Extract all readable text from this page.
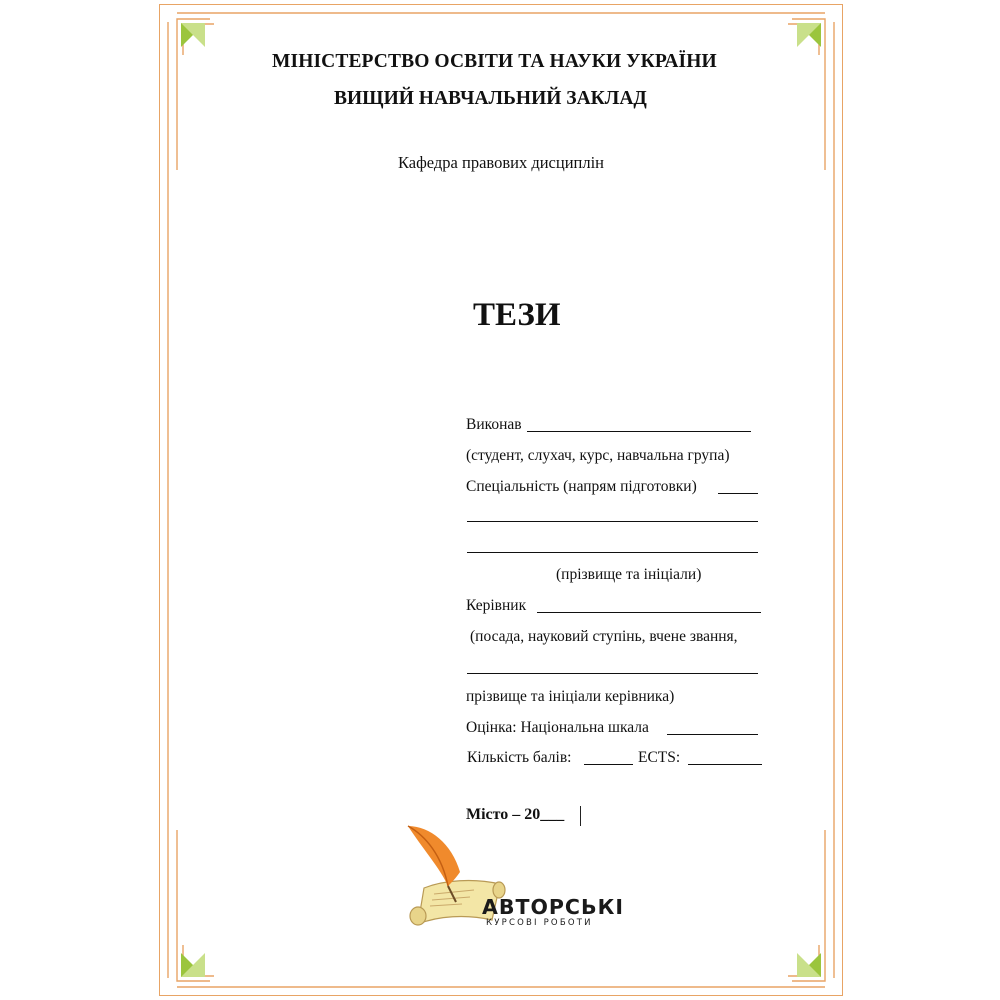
МІНІСТЕРСТВО ОСВІТИ ТА НАУКИ УКРАЇНИ
ВИЩИЙ НАВЧАЛЬНИЙ ЗАКЛАД
Кафедра правових дисциплін
ТЕЗИ
Виконав
(студент, слухач, курс, навчальна група)
Спеціальність (напрям підготовки)
(прізвище та ініціали)
Керівник
(посада, науковий ступінь, вчене звання,
прізвище та ініціали керівника)
Оцінка: Національна шкала
Кількість балів:	ECTS:
Місто – 20___
АВТОРСЬКІ
КУРСОВІ РОБОТИ
